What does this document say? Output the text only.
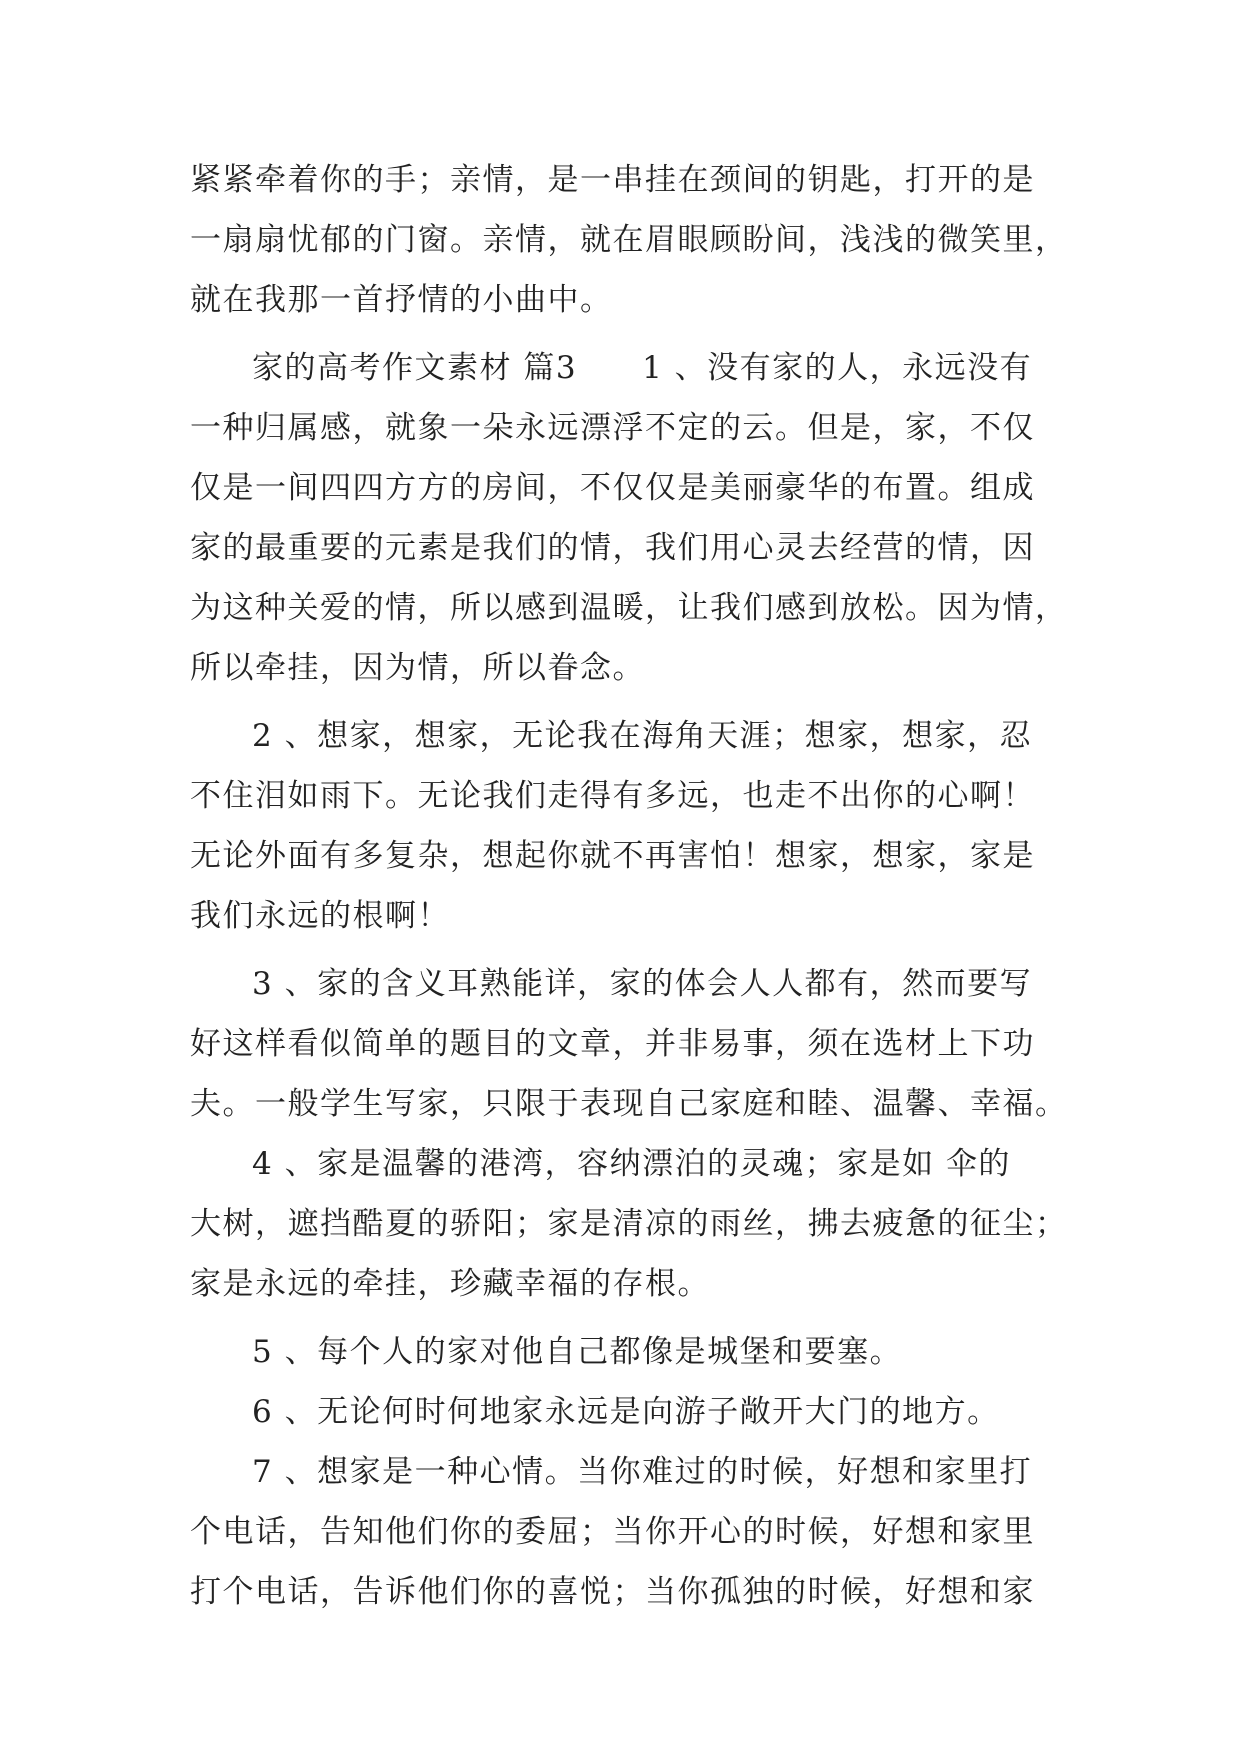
紧紧牵着你的手；亲情，是一串挂在颈间的钥匙，打开的是
一扇扇忧郁的门窗。亲情，就在眉眼顾盼间，浅浅的微笑里，
就在我那一首抒情的小曲中。
家的高考作文素材 篇3　　1 、没有家的人，永远没有
一种归属感，就象一朵永远漂浮不定的云。但是，家，不仅
仅是一间四四方方的房间，不仅仅是美丽豪华的布置。组成
家的最重要的元素是我们的情，我们用心灵去经营的情，因
为这种关爱的情，所以感到温暖，让我们感到放松。因为情，
所以牵挂，因为情，所以眷念。
2 、想家，想家，无论我在海角天涯；想家，想家，忍
不住泪如雨下。无论我们走得有多远，也走不出你的心啊！
无论外面有多复杂，想起你就不再害怕！想家，想家，家是
我们永远的根啊！
3 、家的含义耳熟能详，家的体会人人都有，然而要写
好这样看似简单的题目的文章，并非易事，须在选材上下功
夫。一般学生写家，只限于表现自己家庭和睦、温馨、幸福。
4 、家是温馨的港湾，容纳漂泊的灵魂；家是如 伞的
大树，遮挡酷夏的骄阳；家是清凉的雨丝，拂去疲惫的征尘；
家是永远的牵挂，珍藏幸福的存根。
5 、每个人的家对他自己都像是城堡和要塞。
6 、无论何时何地家永远是向游子敞开大门的地方。
7 、想家是一种心情。当你难过的时候，好想和家里打
个电话，告知他们你的委屈；当你开心的时候，好想和家里
打个电话，告诉他们你的喜悦；当你孤独的时候，好想和家
